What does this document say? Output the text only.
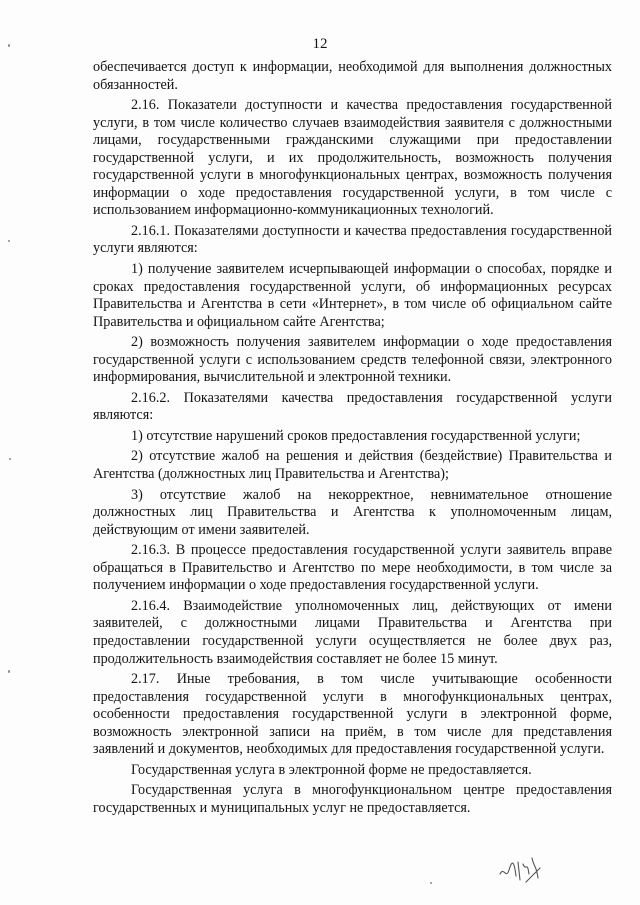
12

обеспечивается доступ к информации, необходимой для выполнения должностных обязанностей.

2.16. Показатели доступности и качества предоставления государственной услуги, в том числе количество случаев взаимодействия заявителя с должностными лицами, государственными гражданскими служащими при предоставлении государственной услуги, и их продолжительность, возможность получения государственной услуги в многофункциональных центрах, возможность получения информации о ходе предоставления государственной услуги, в том числе с использованием информационно-коммуникационных технологий.

2.16.1. Показателями доступности и качества предоставления государственной услуги являются:

1) получение заявителем исчерпывающей информации о способах, порядке и сроках предоставления государственной услуги, об информационных ресурсах Правительства и Агентства в сети «Интернет», в том числе об официальном сайте Правительства и официальном сайте Агентства;

2) возможность получения заявителем информации о ходе предоставления государственной услуги с использованием средств телефонной связи, электронного информирования, вычислительной и электронной техники.

2.16.2. Показателями качества предоставления государственной услуги являются:

1) отсутствие нарушений сроков предоставления государственной услуги;

2) отсутствие жалоб на решения и действия (бездействие) Правительства и Агентства (должностных лиц Правительства и Агентства);

3) отсутствие жалоб на некорректное, невнимательное отношение должностных лиц Правительства и Агентства к уполномоченным лицам, действующим от имени заявителей.

2.16.3. В процессе предоставления государственной услуги заявитель вправе обращаться в Правительство и Агентство по мере необходимости, в том числе за получением информации о ходе предоставления государственной услуги.

2.16.4. Взаимодействие уполномоченных лиц, действующих от имени заявителей, с должностными лицами Правительства и Агентства при предоставлении государственной услуги осуществляется не более двух раз, продолжительность взаимодействия составляет не более 15 минут.

2.17. Иные требования, в том числе учитывающие особенности предоставления государственной услуги в многофункциональных центрах, особенности предоставления государственной услуги в электронной форме, возможность электронной записи на приём, в том числе для представления заявлений и документов, необходимых для предоставления государственной услуги.

Государственная услуга в электронной форме не предоставляется.

Государственная услуга в многофункциональном центре предоставления государственных и муниципальных услуг не предоставляется.
